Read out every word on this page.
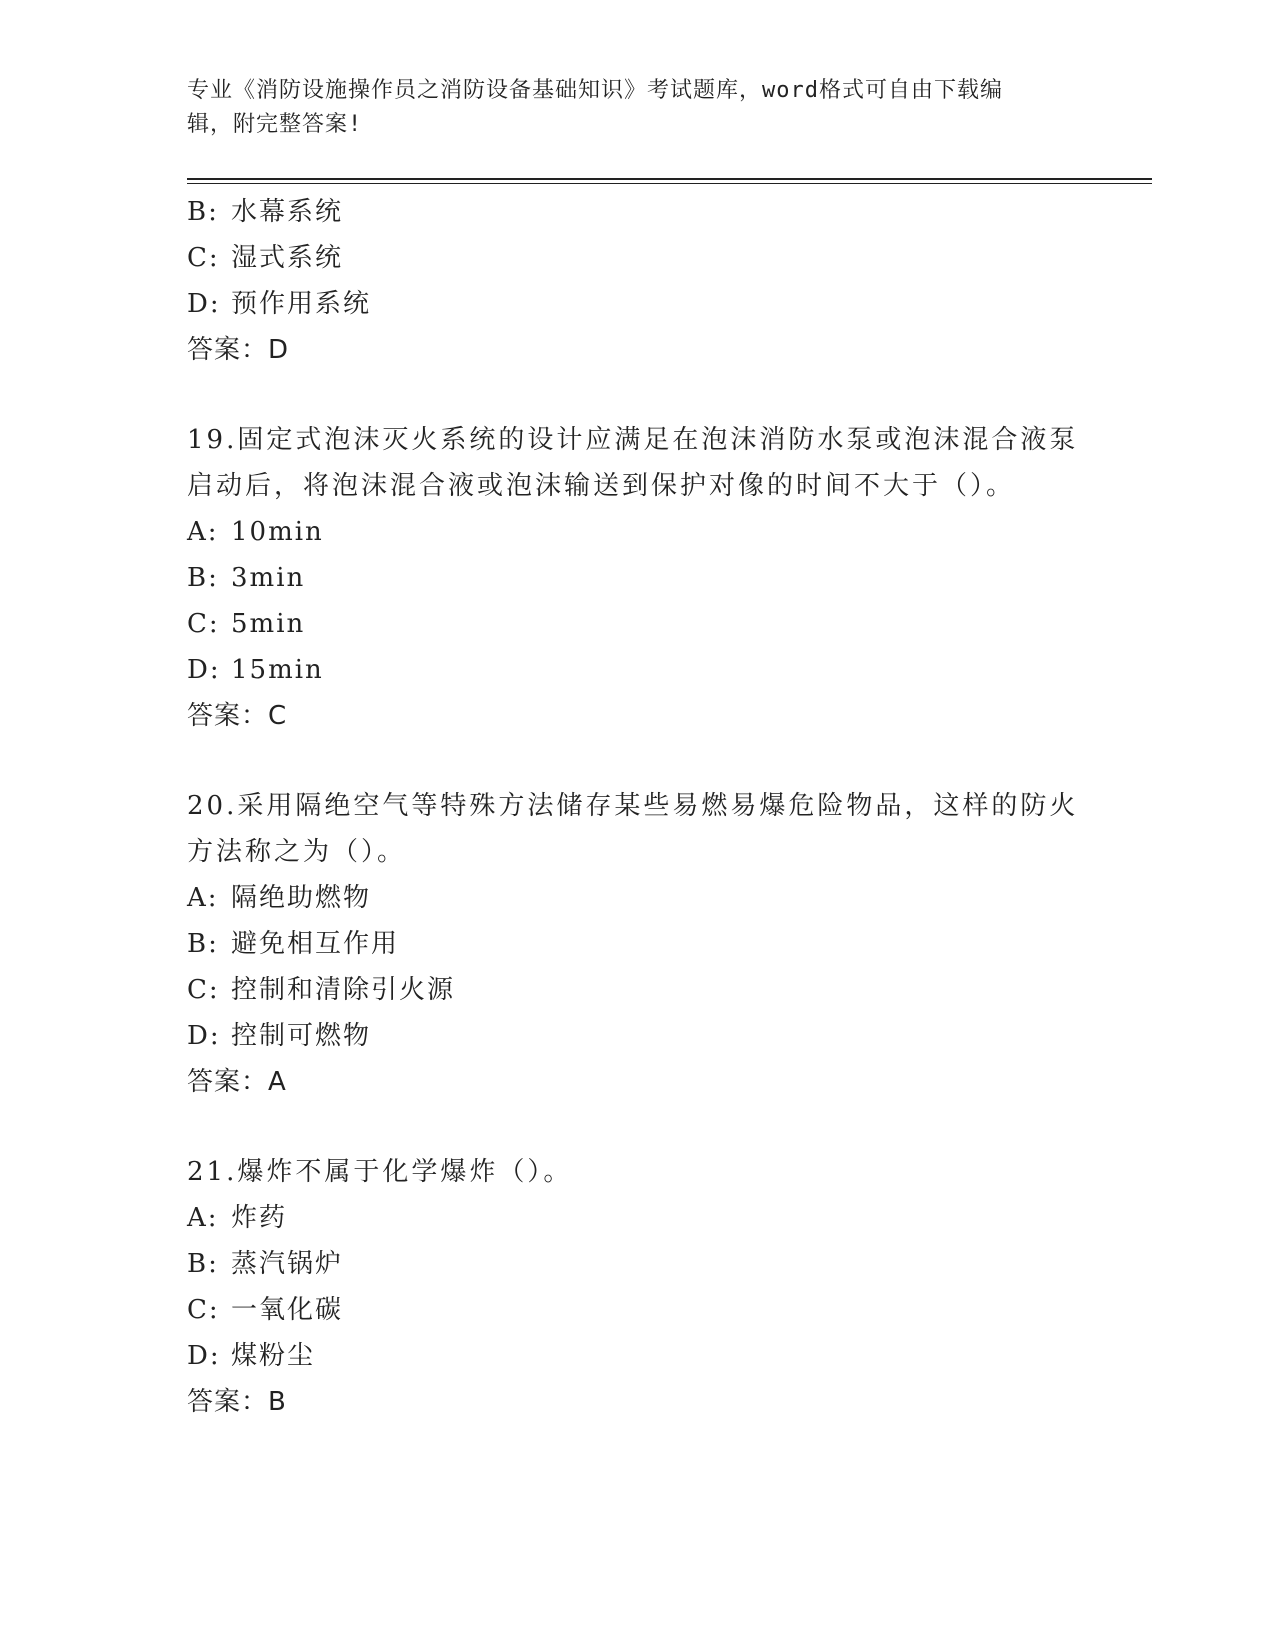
专业《消防设施操作员之消防设备基础知识》考试题库，word格式可自由下载编
辑，附完整答案!
B: 水幕系统
C: 湿式系统
D: 预作用系统
答案：D
19.固定式泡沫灭火系统的设计应满足在泡沫消防水泵或泡沫混合液泵
启动后，将泡沫混合液或泡沫输送到保护对像的时间不大于（）。
A: 10min
B: 3min
C: 5min
D: 15min
答案：C
20.采用隔绝空气等特殊方法储存某些易燃易爆危险物品，这样的防火
方法称之为（）。
A: 隔绝助燃物
B: 避免相互作用
C: 控制和清除引火源
D: 控制可燃物
答案：A
21.爆炸不属于化学爆炸（）。
A: 炸药
B: 蒸汽锅炉
C: 一氧化碳
D: 煤粉尘
答案：B
